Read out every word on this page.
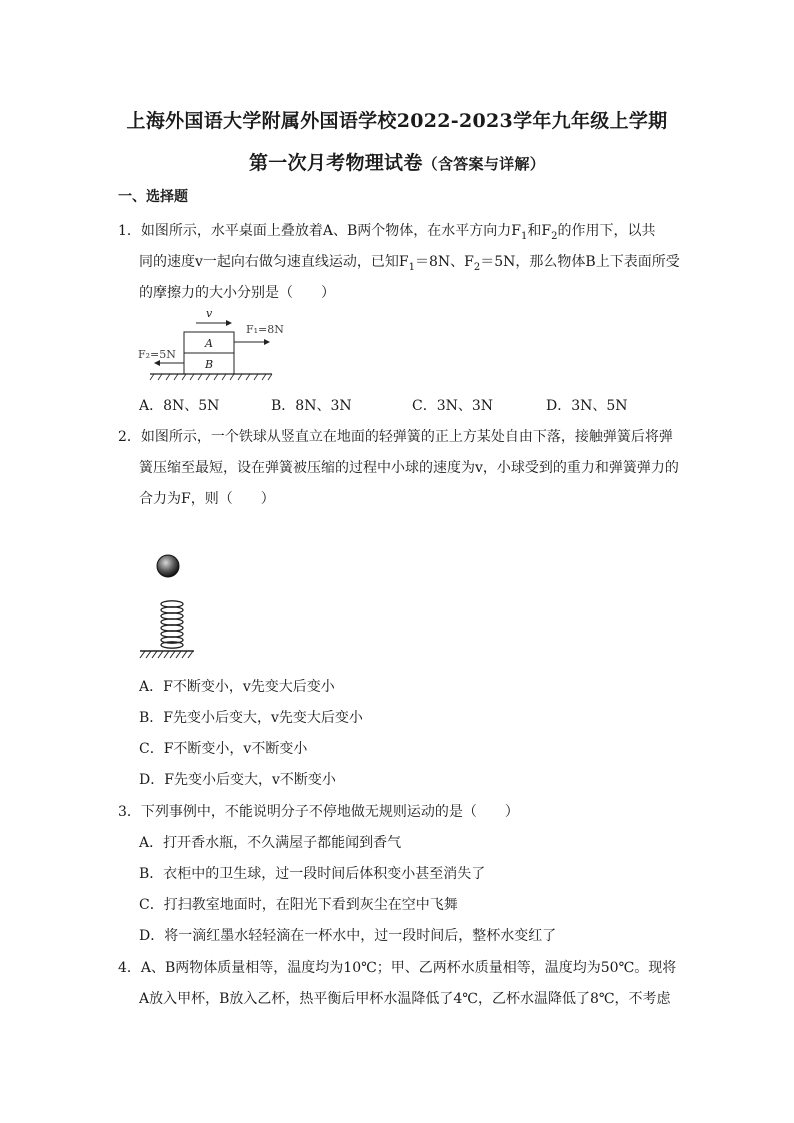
上海外国语大学附属外国语学校2022-2023学年九年级上学期
第一次月考物理试卷（含答案与详解）
一、选择题
1．如图所示，水平桌面上叠放着A、B两个物体，在水平方向力$F_1$和$F_2$的作用下，以共
同的速度v一起向右做匀速直线运动，已知$F_1=8N$、$F_2=5N$，那么物体B上下表面所受
的摩擦力的大小分别是（　　）
v
A
B
F₁=8N
F₂=5N
A．8N、5N	B．8N、3N	C．3N、3N	D．3N、5N
2．如图所示，一个铁球从竖直立在地面的轻弹簧的正上方某处自由下落，接触弹簧后将弹
簧压缩至最短，设在弹簧被压缩的过程中小球的速度为v，小球受到的重力和弹簧弹力的
合力为F，则（　　）
A．F不断变小，v先变大后变小
B．F先变小后变大，v先变大后变小
C．F不断变小，v不断变小
D．F先变小后变大，v不断变小
3．下列事例中，不能说明分子不停地做无规则运动的是（　　）
A．打开香水瓶，不久满屋子都能闻到香气
B．衣柜中的卫生球，过一段时间后体积变小甚至消失了
C．打扫教室地面时，在阳光下看到灰尘在空中飞舞
D．将一滴红墨水轻轻滴在一杯水中，过一段时间后，整杯水变红了
4．A、B两物体质量相等，温度均为10℃；甲、乙两杯水质量相等，温度均为50℃。现将
A放入甲杯，B放入乙杯，热平衡后甲杯水温降低了4℃，乙杯水温降低了8℃，不考虑
